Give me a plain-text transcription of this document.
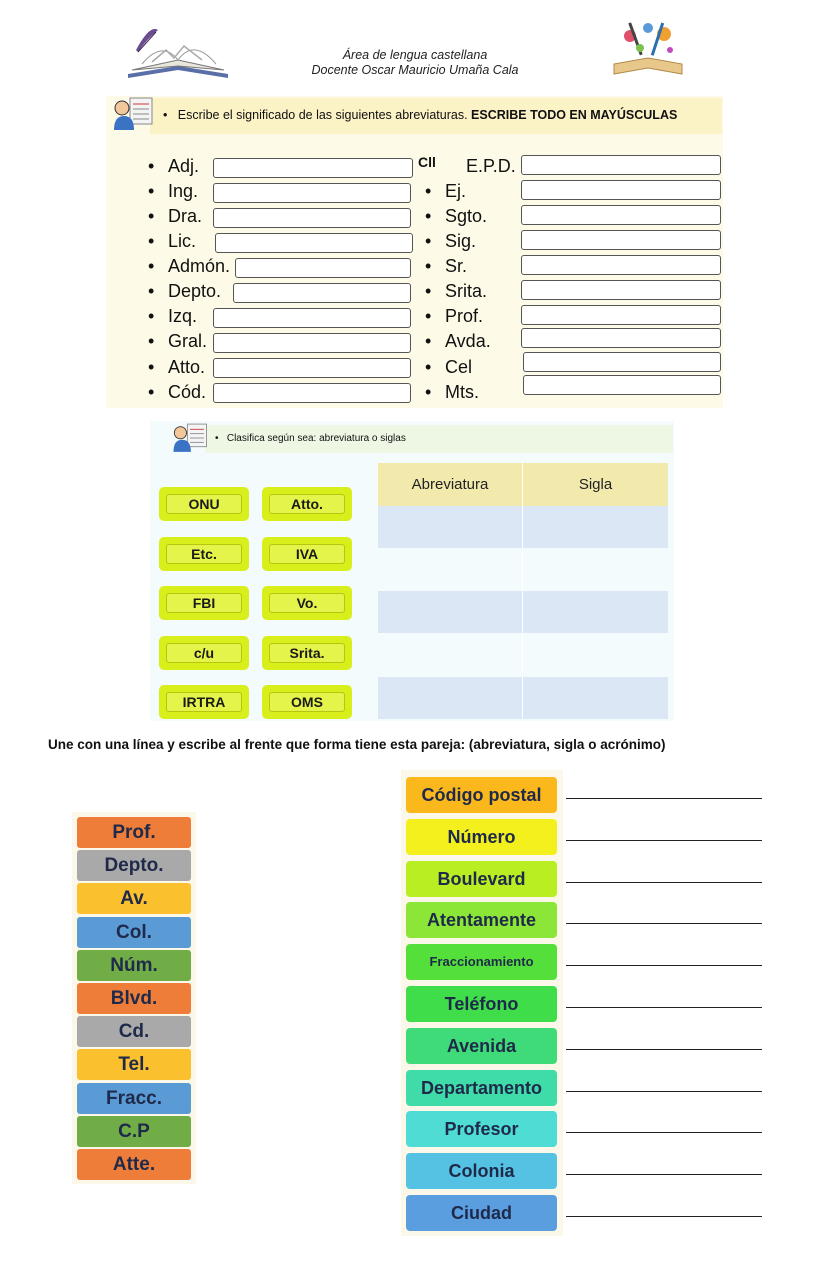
Área de lengua castellana
Docente Oscar Mauricio Umaña Cala
•   Escribe el significado de las siguientes abreviaturas. ESCRIBE TODO EN MAYÚSCULAS
Cll
• Adj.
• Ing.
• Dra.
• Lic.
• Admón.
• Depto.
• Izq.
• Gral.
• Atto.
• Cód.
E.P.D.
• Ej.
• Sgto.
• Sig.
• Sr.
• Srita.
• Prof.
• Avda.
• Cel
• Mts.
•   Clasifica según sea: abreviatura o siglas
ONU	Atto.
Etc.	IVA
FBI	Vo.
c/u	Srita.
IRTRA	OMS
Abreviatura	Sigla
Une con una línea y escribe al frente que forma tiene esta pareja: (abreviatura, sigla o acrónimo)
Prof.
Depto.
Av.
Col.
Núm.
Blvd.
Cd.
Tel.
Fracc.
C.P
Atte.
Código postal
Número
Boulevard
Atentamente
Fraccionamiento
Teléfono
Avenida
Departamento
Profesor
Colonia
Ciudad
